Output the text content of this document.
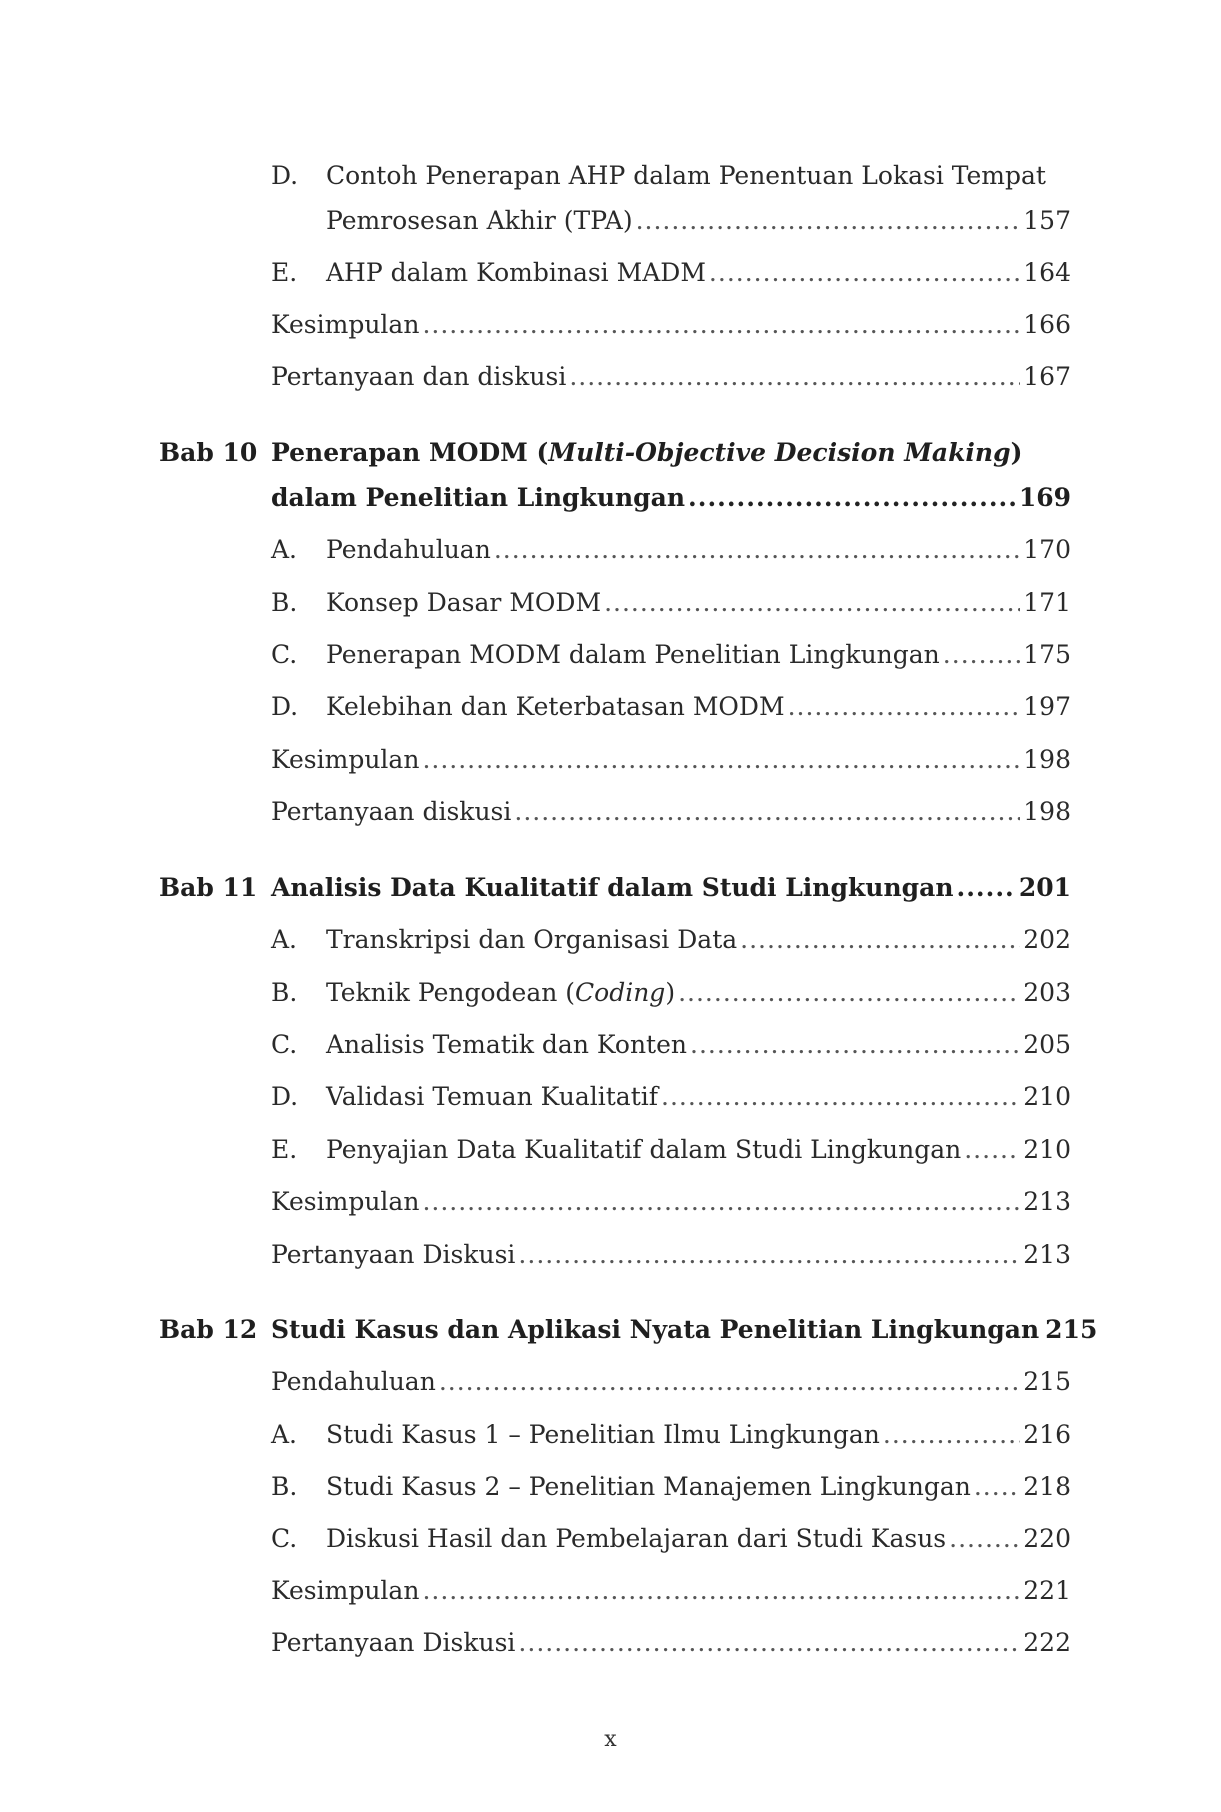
D. Contoh Penerapan AHP dalam Penentuan Lokasi Tempat
Pemrosesan Akhir (TPA) .....	157
E.	AHP dalam Kombinasi MADM .....	164
Kesimpulan .....	166
Pertanyaan dan diskusi .....	167
Bab 10 Penerapan MODM (Multi-Objective Decision Making)
dalam Penelitian Lingkungan .....	169
A.	Pendahuluan .....	170
B.	Konsep Dasar MODM .....	171
C.	Penerapan MODM dalam Penelitian Lingkungan .....	175
D.	Kelebihan dan Keterbatasan MODM .....	197
Kesimpulan .....	198
Pertanyaan diskusi .....	198
Bab 11 Analisis Data Kualitatif dalam Studi Lingkungan .....	201
A.	Transkripsi dan Organisasi Data .....	202
B.	Teknik Pengodean (Coding) .....	203
C.	Analisis Tematik dan Konten .....	205
D.	Validasi Temuan Kualitatif .....	210
E.	Penyajian Data Kualitatif dalam Studi Lingkungan ..... 210
Kesimpulan .....	213
Pertanyaan Diskusi .....	213
Bab 12 Studi Kasus dan Aplikasi Nyata Penelitian Lingkungan 215
Pendahuluan .....	215
A.	Studi Kasus 1 – Penelitian Ilmu Lingkungan .....	216
B.	Studi Kasus 2 – Penelitian Manajemen Lingkungan ..... 218
C.	Diskusi Hasil dan Pembelajaran dari Studi Kasus .....	220
Kesimpulan .....	221
Pertanyaan Diskusi .....	222
x
